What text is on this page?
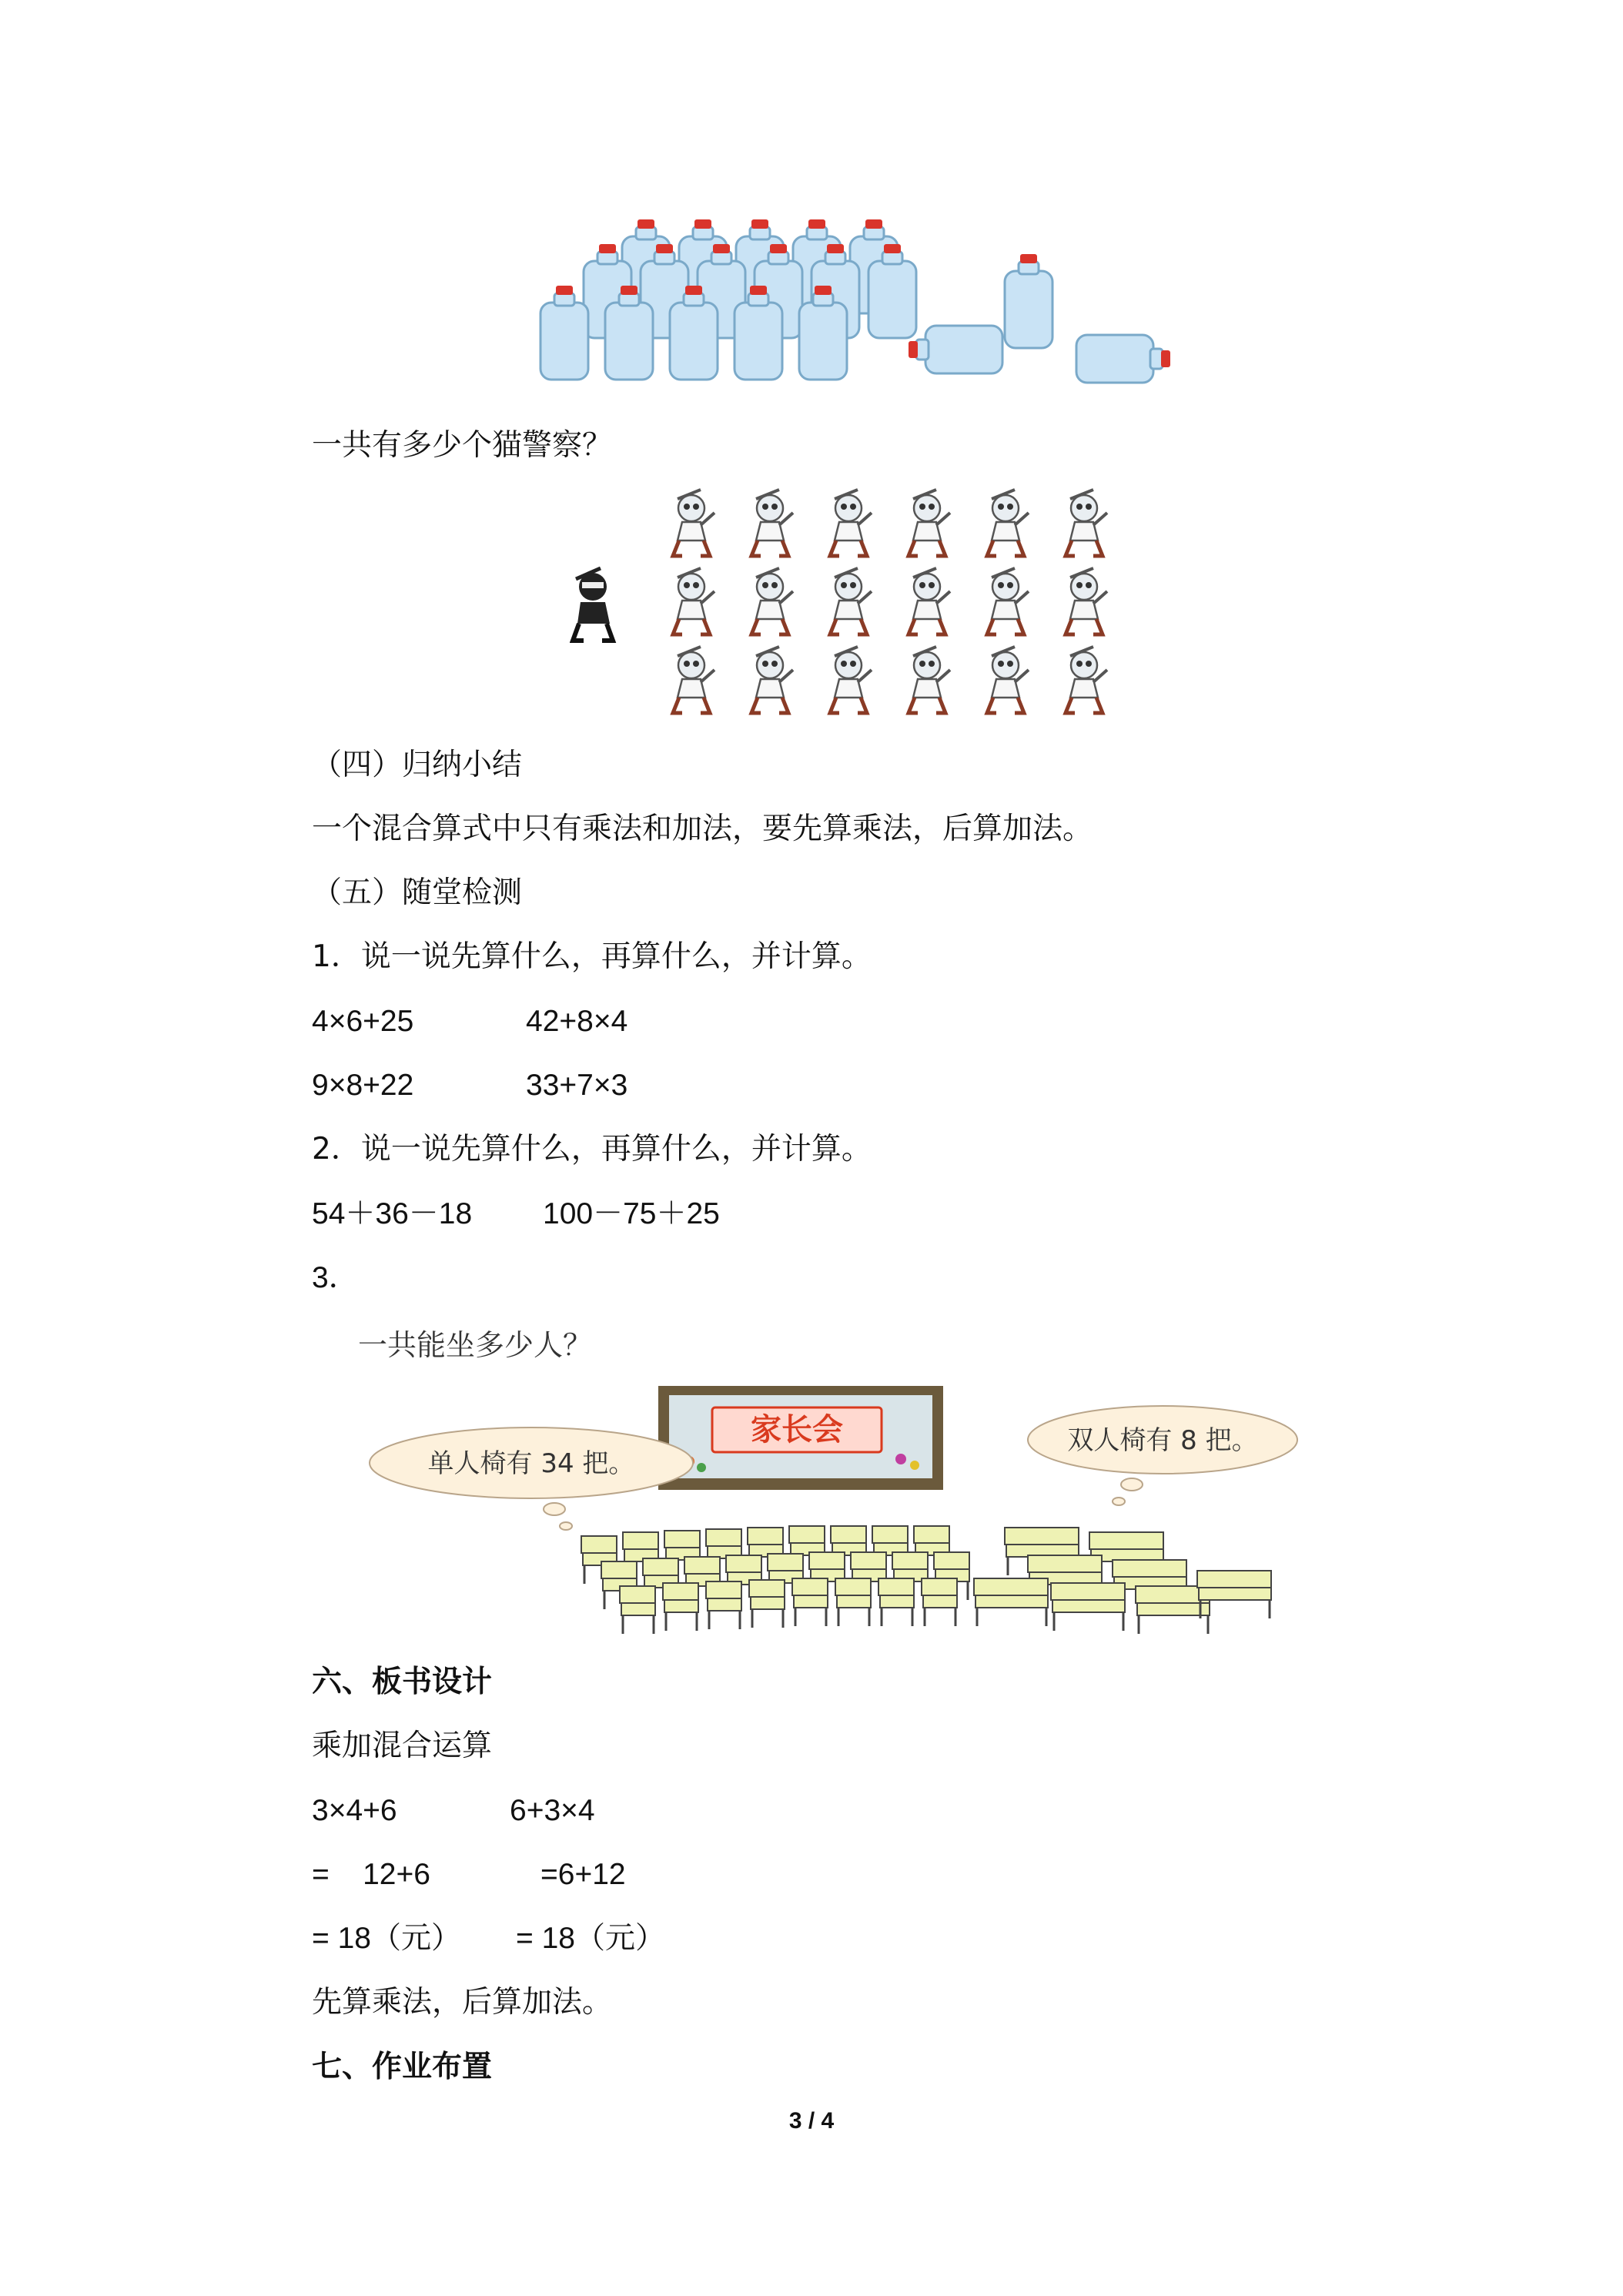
一共有多少个猫警察？
（四）归纳小结
一个混合算式中只有乘法和加法，要先算乘法，后算加法。
（五）随堂检测
1．说一说先算什么，再算什么，并计算。
4×6+25	42+8×4
9×8+22	33+7×3
2．说一说先算什么，再算什么，并计算。
54＋36－18 100－75＋25
3．
一共能坐多少人？
家长会
单人椅有 34 把。
双人椅有 8 把。
六、板书设计
乘加混合运算
3×4+6	6+3×4
=    12+6	=6+12
= 18（元） = 18（元）
先算乘法，后算加法。
七、作业布置
3 / 4
